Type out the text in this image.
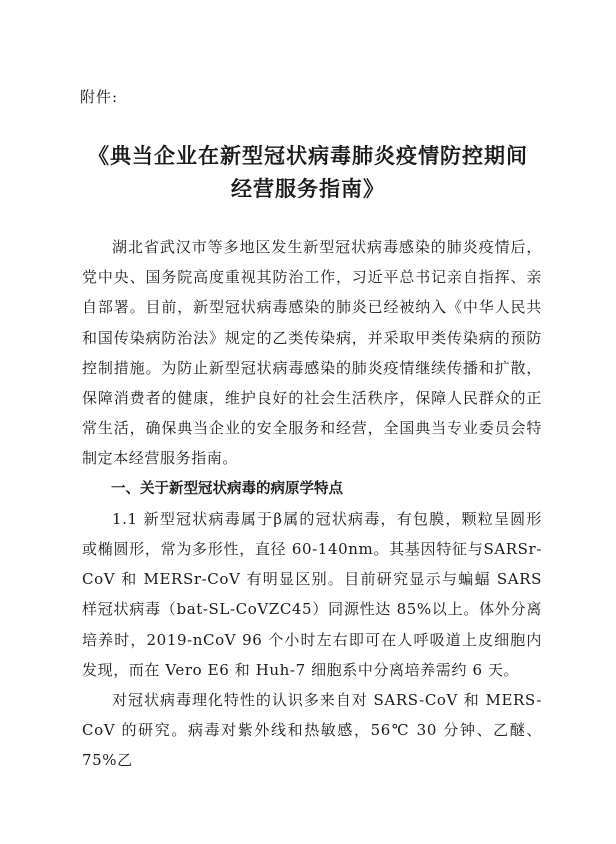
附件:
《典当企业在新型冠状病毒肺炎疫情防控期间
经营服务指南》

湖北省武汉市等多地区发生新型冠状病毒感染的肺炎疫情后，党中央、国务院高度重视其防治工作，习近平总书记亲自指挥、亲自部署。目前，新型冠状病毒感染的肺炎已经被纳入《中华人民共和国传染病防治法》规定的乙类传染病，并采取甲类传染病的预防控制措施。为防止新型冠状病毒感染的肺炎疫情继续传播和扩散，保障消费者的健康，维护良好的社会生活秩序，保障人民群众的正常生活，确保典当企业的安全服务和经营，全国典当专业委员会特制定本经营服务指南。

一、关于新型冠状病毒的病原学特点

1.1 新型冠状病毒属于β属的冠状病毒，有包膜，颗粒呈圆形或椭圆形，常为多形性，直径 60-140nm。其基因特征与SARSr-CoV 和 MERSr-CoV 有明显区别。目前研究显示与蝙蝠 SARS 样冠状病毒（bat-SL-CoVZC45）同源性达 85%以上。体外分离培养时，2019-nCoV 96 个小时左右即可在人呼吸道上皮细胞内发现，而在 Vero E6 和 Huh-7 细胞系中分离培养需约 6 天。

对冠状病毒理化特性的认识多来自对 SARS-CoV 和 MERS-CoV 的研究。病毒对紫外线和热敏感，56℃ 30 分钟、乙醚、75%乙
